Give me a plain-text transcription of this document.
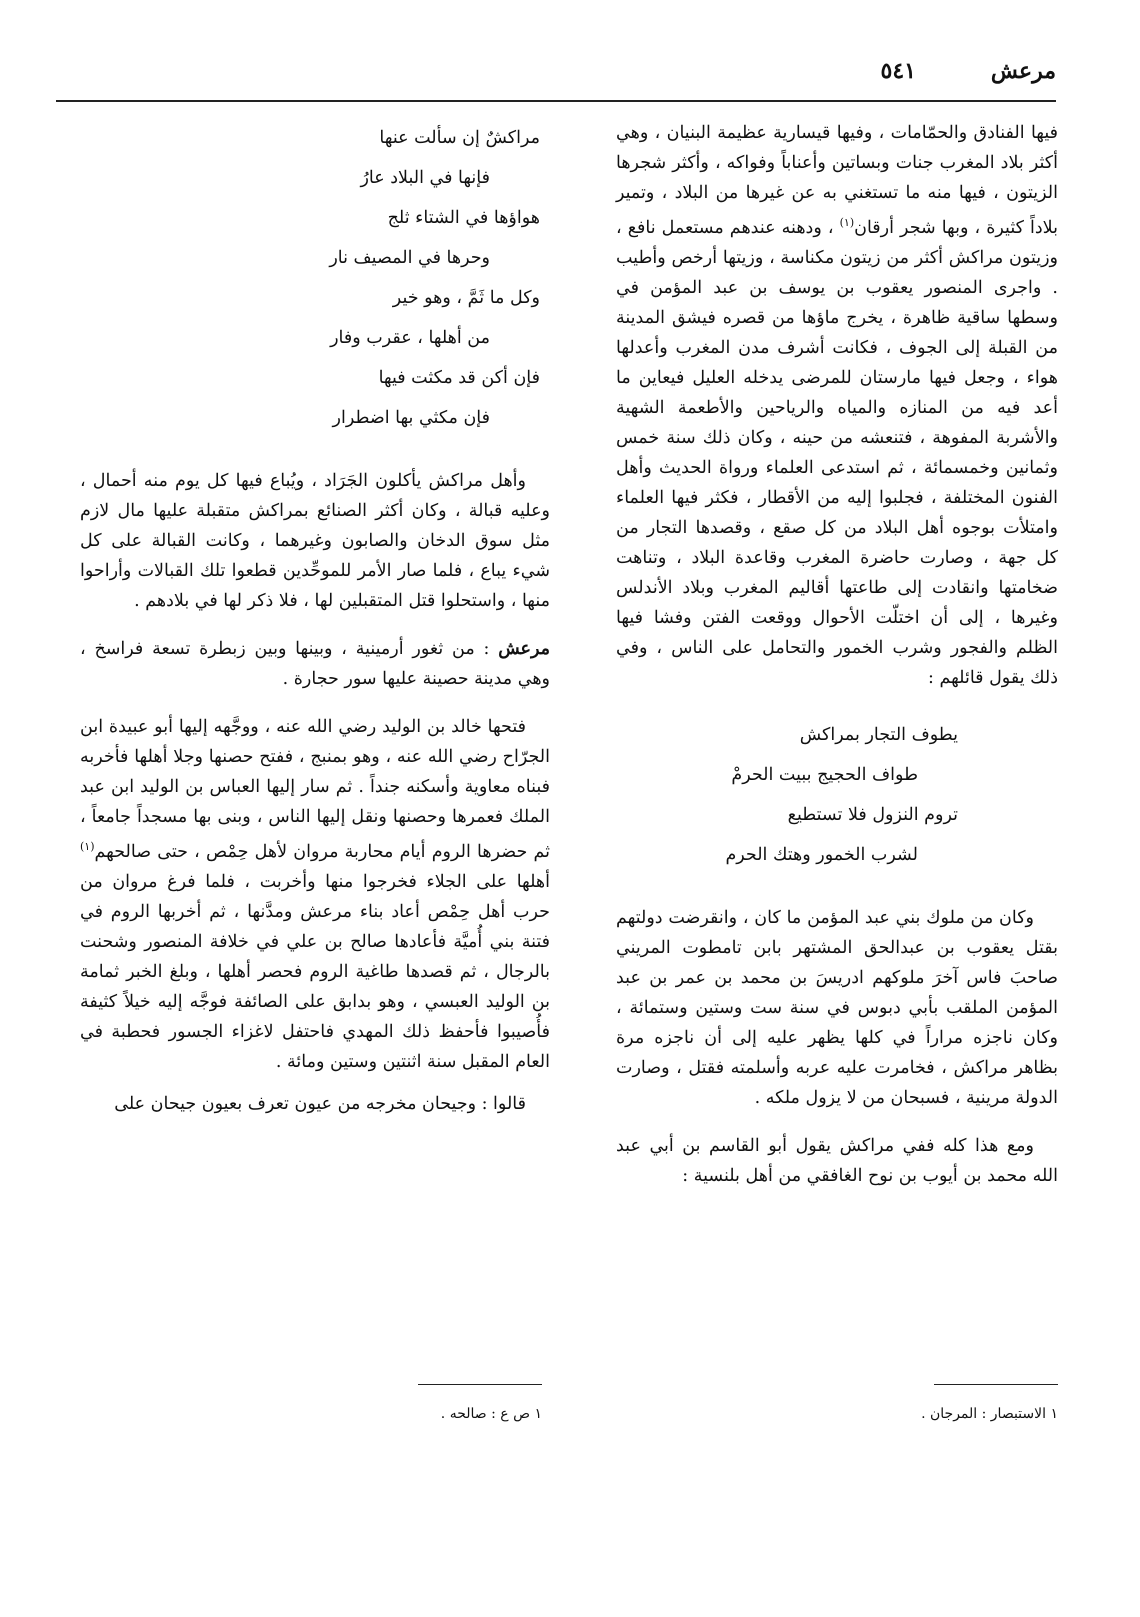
مرعش
٥٤١

فيها الفنادق والحمّامات ، وفيها قيسارية عظيمة البنيان ، وهي أكثر بلاد المغرب جنات وبساتين وأعناباً وفواكه ، وأكثر شجرها الزيتون ، فيها منه ما تستغني به عن غيرها من البلاد ، وتمير بلاداً كثيرة ، وبها شجر أرقان$^{(١)}$ ، ودهنه عندهم مستعمل نافع ، وزيتون مراكش أكثر من زيتون مكناسة ، وزيتها أرخص وأطيب . واجرى المنصور يعقوب بن يوسف بن عبد المؤمن في وسطها ساقية ظاهرة ، يخرج ماؤها من قصره فيشق المدينة من القبلة إلى الجوف ، فكانت أشرف مدن المغرب وأعدلها هواء ، وجعل فيها مارستان للمرضى يدخله العليل فيعاين ما أعد فيه من المنازه والمياه والرياحين والأطعمة الشهية والأشربة المفوهة ، فتنعشه من حينه ، وكان ذلك سنة خمس وثمانين وخمسمائة ، ثم استدعى العلماء ورواة الحديث وأهل الفنون المختلفة ، فجلبوا إليه من الأقطار ، فكثر فيها العلماء وامتلأت بوجوه أهل البلاد من كل صقع ، وقصدها التجار من كل جهة ، وصارت حاضرة المغرب وقاعدة البلاد ، وتناهت ضخامتها وانقادت إلى طاعتها أقاليم المغرب وبلاد الأندلس وغيرها ، إلى أن اختلّت الأحوال ووقعت الفتن وفشا فيها الظلم والفجور وشرب الخمور والتحامل على الناس ، وفي ذلك يقول قائلهم :

يطوف التجار بمراكش
طواف الحجيج ببيت الحرمْ
تروم النزول فلا تستطيع
لشرب الخمور وهتك الحرم

وكان من ملوك بني عبد المؤمن ما كان ، وانقرضت دولتهم بقتل يعقوب بن عبدالحق المشتهر بابن تامطوت المريني صاحبَ فاس آخرَ ملوكهم ادريسَ بن محمد بن عمر بن عبد المؤمن الملقب بأبي دبوس في سنة ست وستين وستمائة ، وكان ناجزه مراراً في كلها يظهر عليه إلى أن ناجزه مرة بظاهر مراكش ، فخامرت عليه عربه وأسلمته فقتل ، وصارت الدولة مرينية ، فسبحان من لا يزول ملكه .

ومع هذا كله ففي مراكش يقول أبو القاسم بن أبي عبد الله محمد بن أيوب بن نوح الغافقي من أهل بلنسية :

مراكشٌ إن سألت عنها
فإنها في البلاد عارُ
هواؤها في الشتاء ثلج
وحرها في المصيف نار
وكل ما ثَمَّ ، وهو خير
من أهلها ، عقرب وفار
فإن أكن قد مكثت فيها
فإن مكثي بها اضطرار

وأهل مراكش يأكلون الجَرَاد ، ويُباع فيها كل يوم منه أحمال ، وعليه قبالة ، وكان أكثر الصنائع بمراكش متقبلة عليها مال لازم مثل سوق الدخان والصابون وغيرهما ، وكانت القبالة على كل شيء يباع ، فلما صار الأمر للموحِّدين قطعوا تلك القبالات وأراحوا منها ، واستحلوا قتل المتقبلين لها ، فلا ذكر لها في بلادهم .

مرعش : من ثغور أرمينية ، وبينها وبين زبطرة تسعة فراسخ ، وهي مدينة حصينة عليها سور حجارة .

فتحها خالد بن الوليد رضي الله عنه ، ووجَّهه إليها أبو عبيدة ابن الجرّاح رضي الله عنه ، وهو بمنبج ، ففتح حصنها وجلا أهلها فأخربه فبناه معاوية وأسكنه جنداً . ثم سار إليها العباس بن الوليد ابن عبد الملك فعمرها وحصنها ونقل إليها الناس ، وبنى بها مسجداً جامعاً ، ثم حضرها الروم أيام محاربة مروان لأهل حِمْص ، حتى صالحهم$^{(١)}$ أهلها على الجلاء فخرجوا منها وأخربت ، فلما فرغ مروان من حرب أهل حِمْص أعاد بناء مرعش ومدَّنها ، ثم أخربها الروم في فتنة بني أُميَّة فأعادها صالح بن علي في خلافة المنصور وشحنت بالرجال ، ثم قصدها طاغية الروم فحصر أهلها ، وبلغ الخبر ثمامة بن الوليد العبسي ، وهو بدابق على الصائفة فوجَّه إليه خيلاً كثيفة فأُصيبوا فأحفظ ذلك المهدي فاحتفل لاغزاء الجسور فحطبة في العام المقبل سنة اثنتين وستين ومائة .

قالوا : وجيحان مخرجه من عيون تعرف بعيون جيحان على

١ الاستبصار : المرجان .
١ ص ع : صالحه .
